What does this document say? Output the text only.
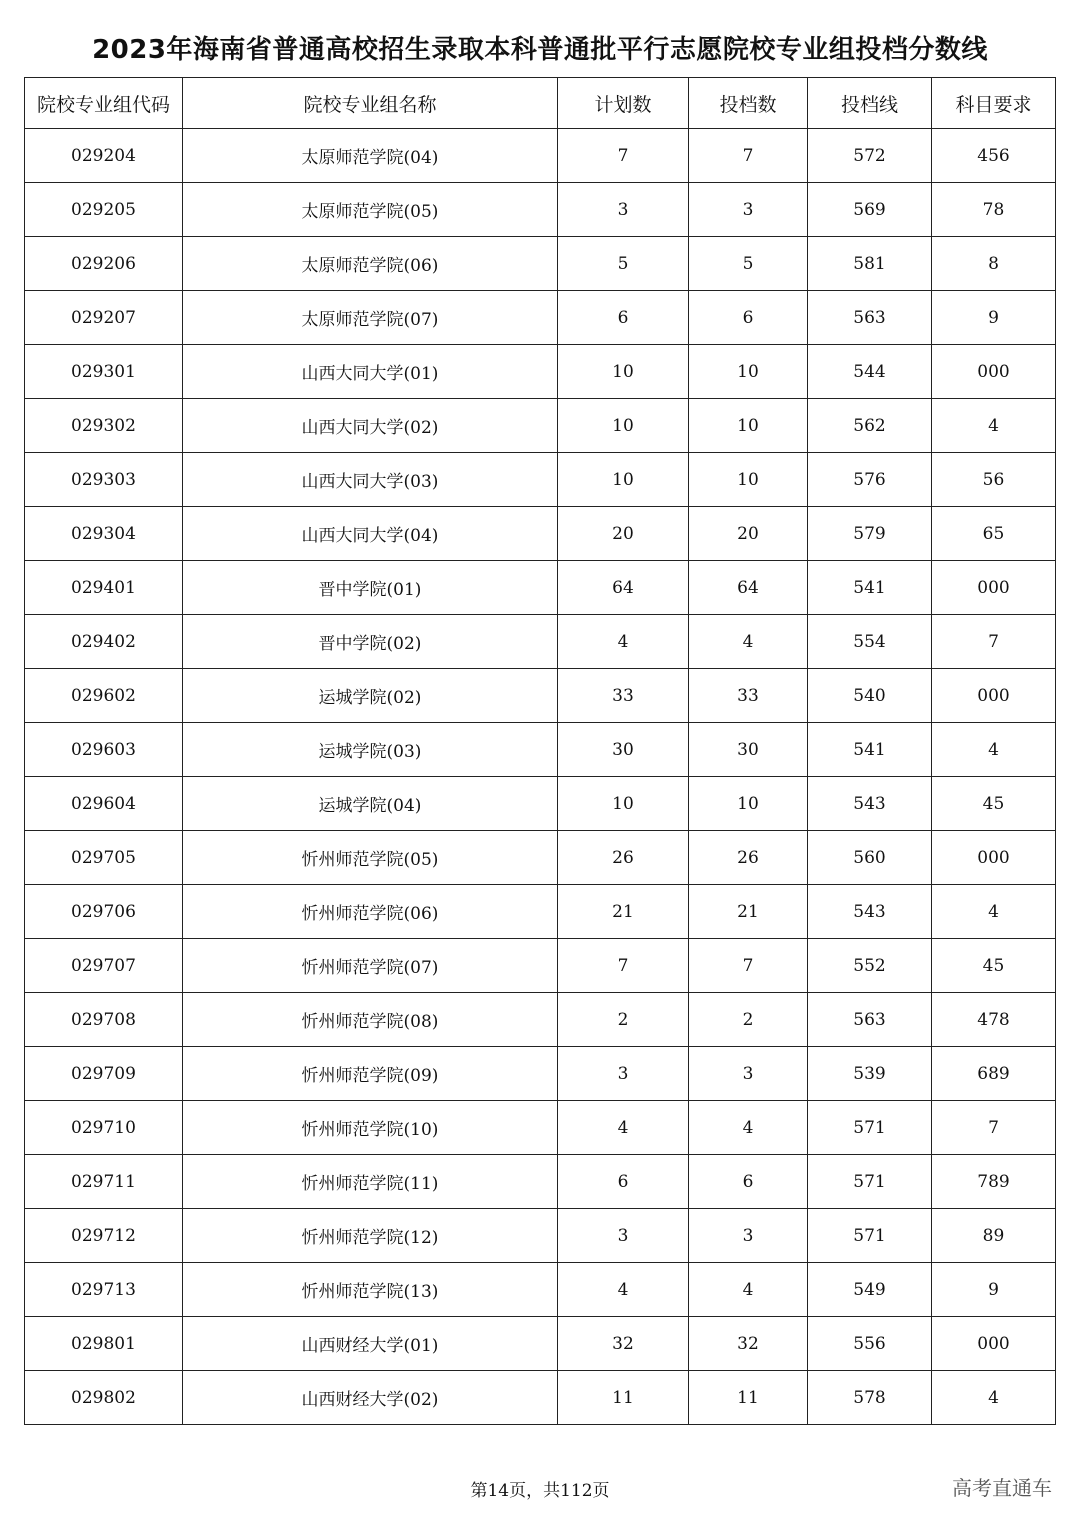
2023年海南省普通高校招生录取本科普通批平行志愿院校专业组投档分数线
院校专业组代码	院校专业组名称	计划数	投档数	投档线	科目要求
029204	太原师范学院(04)	7	7	572	456
029205	太原师范学院(05)	3	3	569	78
029206	太原师范学院(06)	5	5	581	8
029207	太原师范学院(07)	6	6	563	9
029301	山西大同大学(01)	10	10	544	000
029302	山西大同大学(02)	10	10	562	4
029303	山西大同大学(03)	10	10	576	56
029304	山西大同大学(04)	20	20	579	65
029401	晋中学院(01)	64	64	541	000
029402	晋中学院(02)	4	4	554	7
029602	运城学院(02)	33	33	540	000
029603	运城学院(03)	30	30	541	4
029604	运城学院(04)	10	10	543	45
029705	忻州师范学院(05)	26	26	560	000
029706	忻州师范学院(06)	21	21	543	4
029707	忻州师范学院(07)	7	7	552	45
029708	忻州师范学院(08)	2	2	563	478
029709	忻州师范学院(09)	3	3	539	689
029710	忻州师范学院(10)	4	4	571	7
029711	忻州师范学院(11)	6	6	571	789
029712	忻州师范学院(12)	3	3	571	89
029713	忻州师范学院(13)	4	4	549	9
029801	山西财经大学(01)	32	32	556	000
029802	山西财经大学(02)	11	11	578	4
第14页，共112页	高考直通车
